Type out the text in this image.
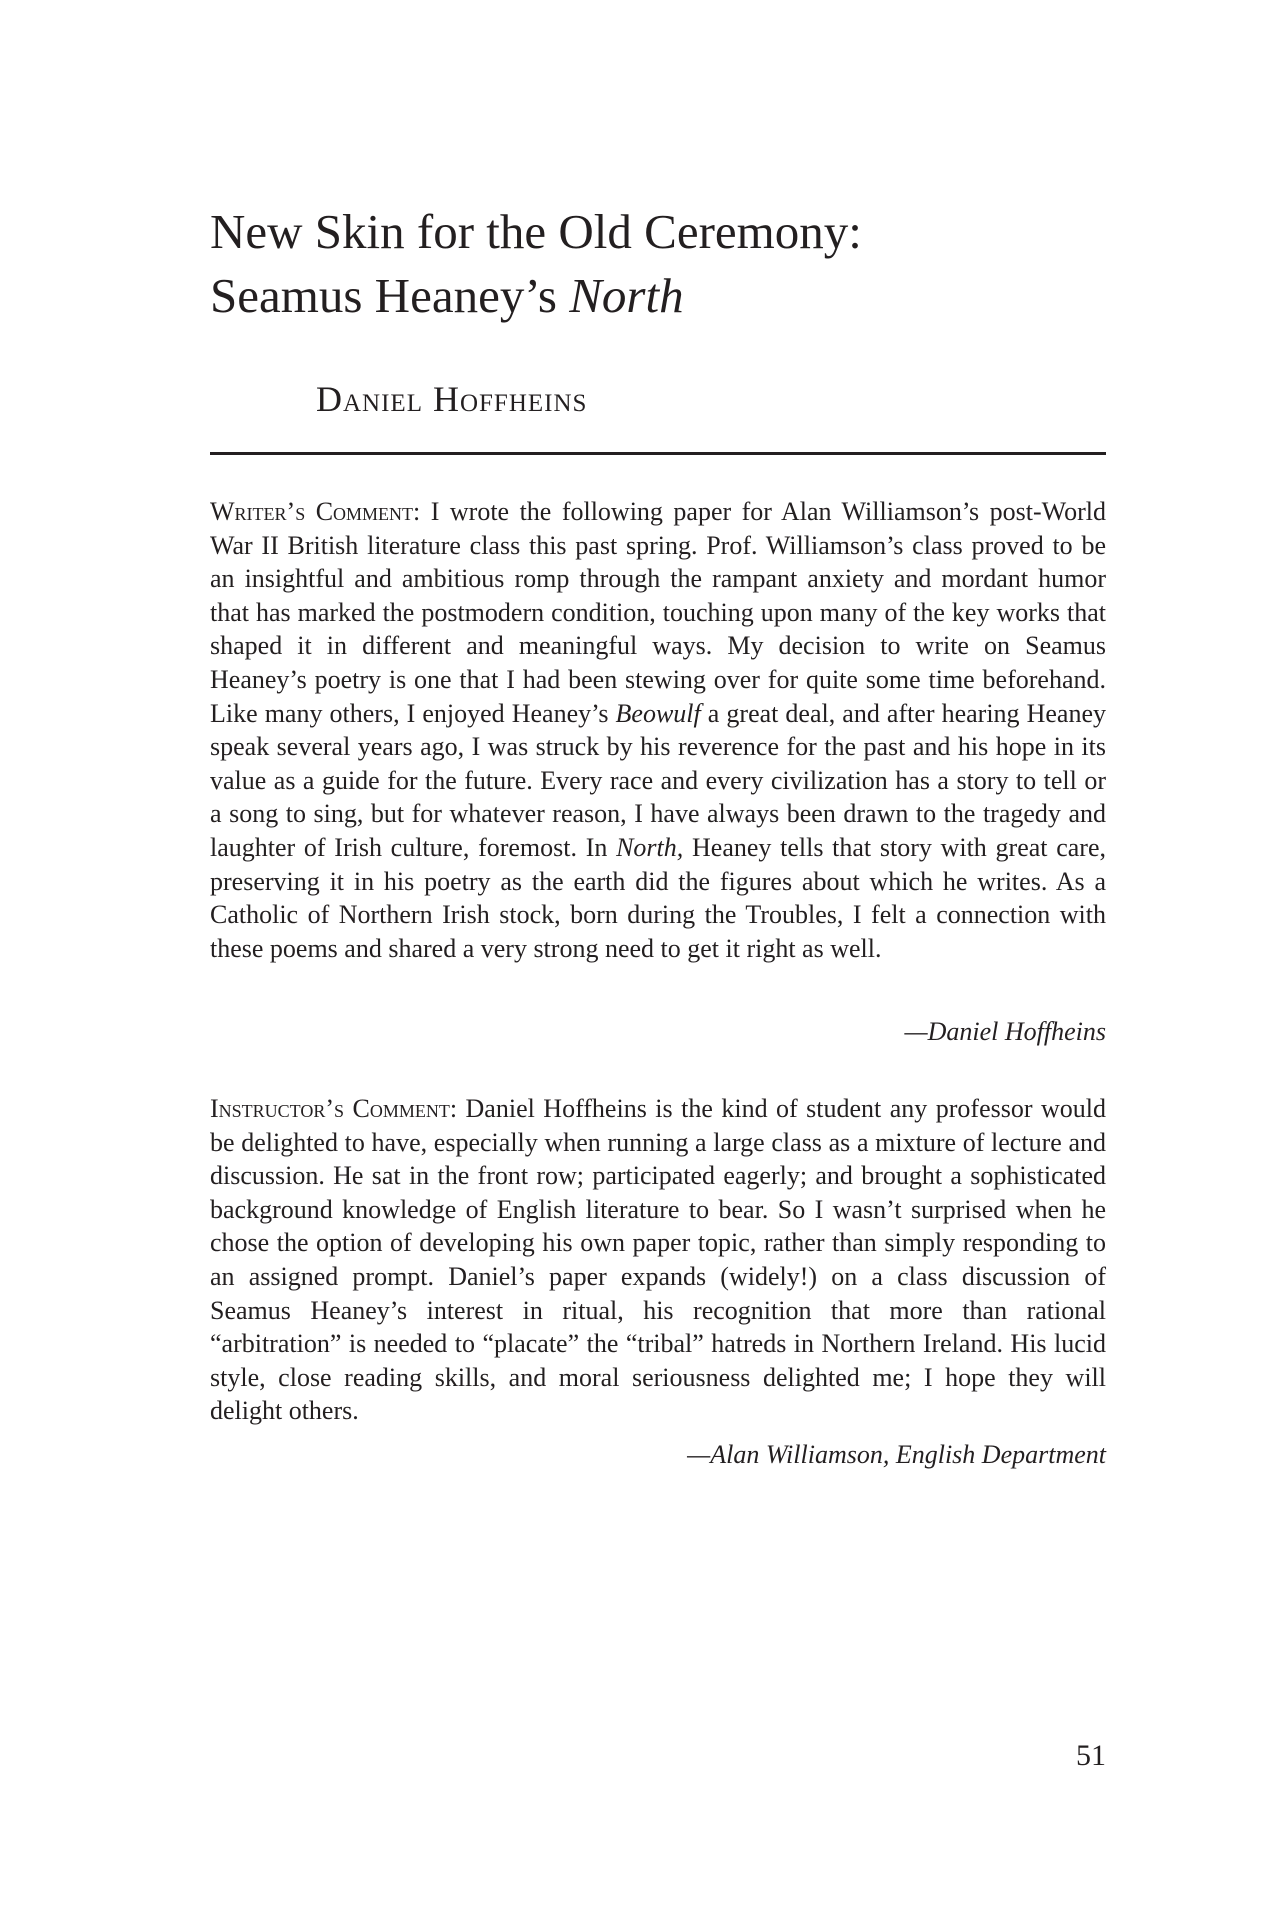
New Skin for the Old Ceremony:
Seamus Heaney’s North
Daniel Hoffheins

Writer’s Comment: I wrote the following paper for Alan Williamson’s post-World War II British literature class this past spring. Prof. Williamson’s class proved to be an insightful and ambitious romp through the rampant anxiety and mordant humor that has marked the postmodern condition, touching upon many of the key works that shaped it in different and meaningful ways. My decision to write on Seamus Heaney’s poetry is one that I had been stewing over for quite some time beforehand. Like many others, I enjoyed Heaney’s Beowulf a great deal, and after hearing Heaney speak several years ago, I was struck by his reverence for the past and his hope in its value as a guide for the future. Every race and every civilization has a story to tell or a song to sing, but for whatever reason, I have always been drawn to the tragedy and laughter of Irish culture, foremost. In North, Heaney tells that story with great care, preserving it in his poetry as the earth did the figures about which he writes. As a Catholic of Northern Irish stock, born during the Troubles, I felt a connection with these poems and shared a very strong need to get it right as well.

—Daniel Hoffheins

Instructor’s Comment: Daniel Hoffheins is the kind of student any professor would be delighted to have, especially when running a large class as a mixture of lecture and discussion. He sat in the front row; participated eagerly; and brought a sophisticated background knowledge of English literature to bear. So I wasn’t surprised when he chose the option of developing his own paper topic, rather than simply responding to an assigned prompt. Daniel’s paper expands (widely!) on a class discussion of Seamus Heaney’s interest in ritual, his recognition that more than rational “arbitration” is needed to “placate” the “tribal” hatreds in Northern Ireland. His lucid style, close reading skills, and moral seriousness delighted me; I hope they will delight others.

—Alan Williamson, English Department
51
